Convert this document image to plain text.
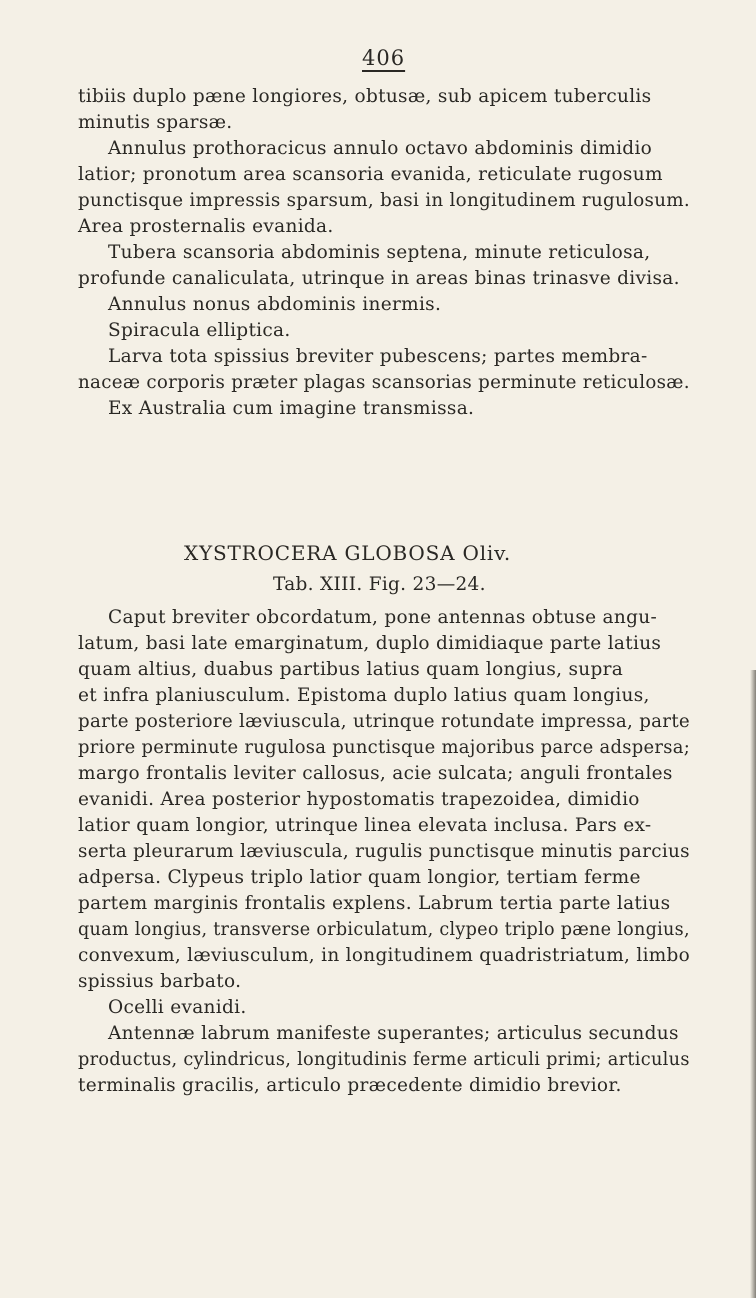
406
tibiis duplo pæne longiores, obtusæ, sub apicem tuberculis
minutis sparsæ.
Annulus prothoracicus annulo octavo abdominis dimidio
latior; pronotum area scansoria evanida, reticulate rugosum
punctisque impressis sparsum, basi in longitudinem rugulosum.
Area prosternalis evanida.
Tubera scansoria abdominis septena, minute reticulosa,
profunde canaliculata, utrinque in areas binas trinasve divisa.
Annulus nonus abdominis inermis.
Spiracula elliptica.
Larva tota spissius breviter pubescens; partes membra-
naceæ corporis præter plagas scansorias perminute reticulosæ.
Ex Australia cum imagine transmissa.
XYSTROCERA GLOBOSA Oliv.
Tab. XIII. Fig. 23—24.
Caput breviter obcordatum, pone antennas obtuse angu-
latum, basi late emarginatum, duplo dimidiaque parte latius
quam altius, duabus partibus latius quam longius, supra
et infra planiusculum. Epistoma duplo latius quam longius,
parte posteriore læviuscula, utrinque rotundate impressa, parte
priore perminute rugulosa punctisque majoribus parce adspersa;
margo frontalis leviter callosus, acie sulcata; anguli frontales
evanidi. Area posterior hypostomatis trapezoidea, dimidio
latior quam longior, utrinque linea elevata inclusa. Pars ex-
serta pleurarum læviuscula, rugulis punctisque minutis parcius
adpersa. Clypeus triplo latior quam longior, tertiam ferme
partem marginis frontalis explens. Labrum tertia parte latius
quam longius, transverse orbiculatum, clypeo triplo pæne longius,
convexum, læviusculum, in longitudinem quadristriatum, limbo
spissius barbato.
Ocelli evanidi.
Antennæ labrum manifeste superantes; articulus secundus
productus, cylindricus, longitudinis ferme articuli primi; articulus
terminalis gracilis, articulo præcedente dimidio brevior.
